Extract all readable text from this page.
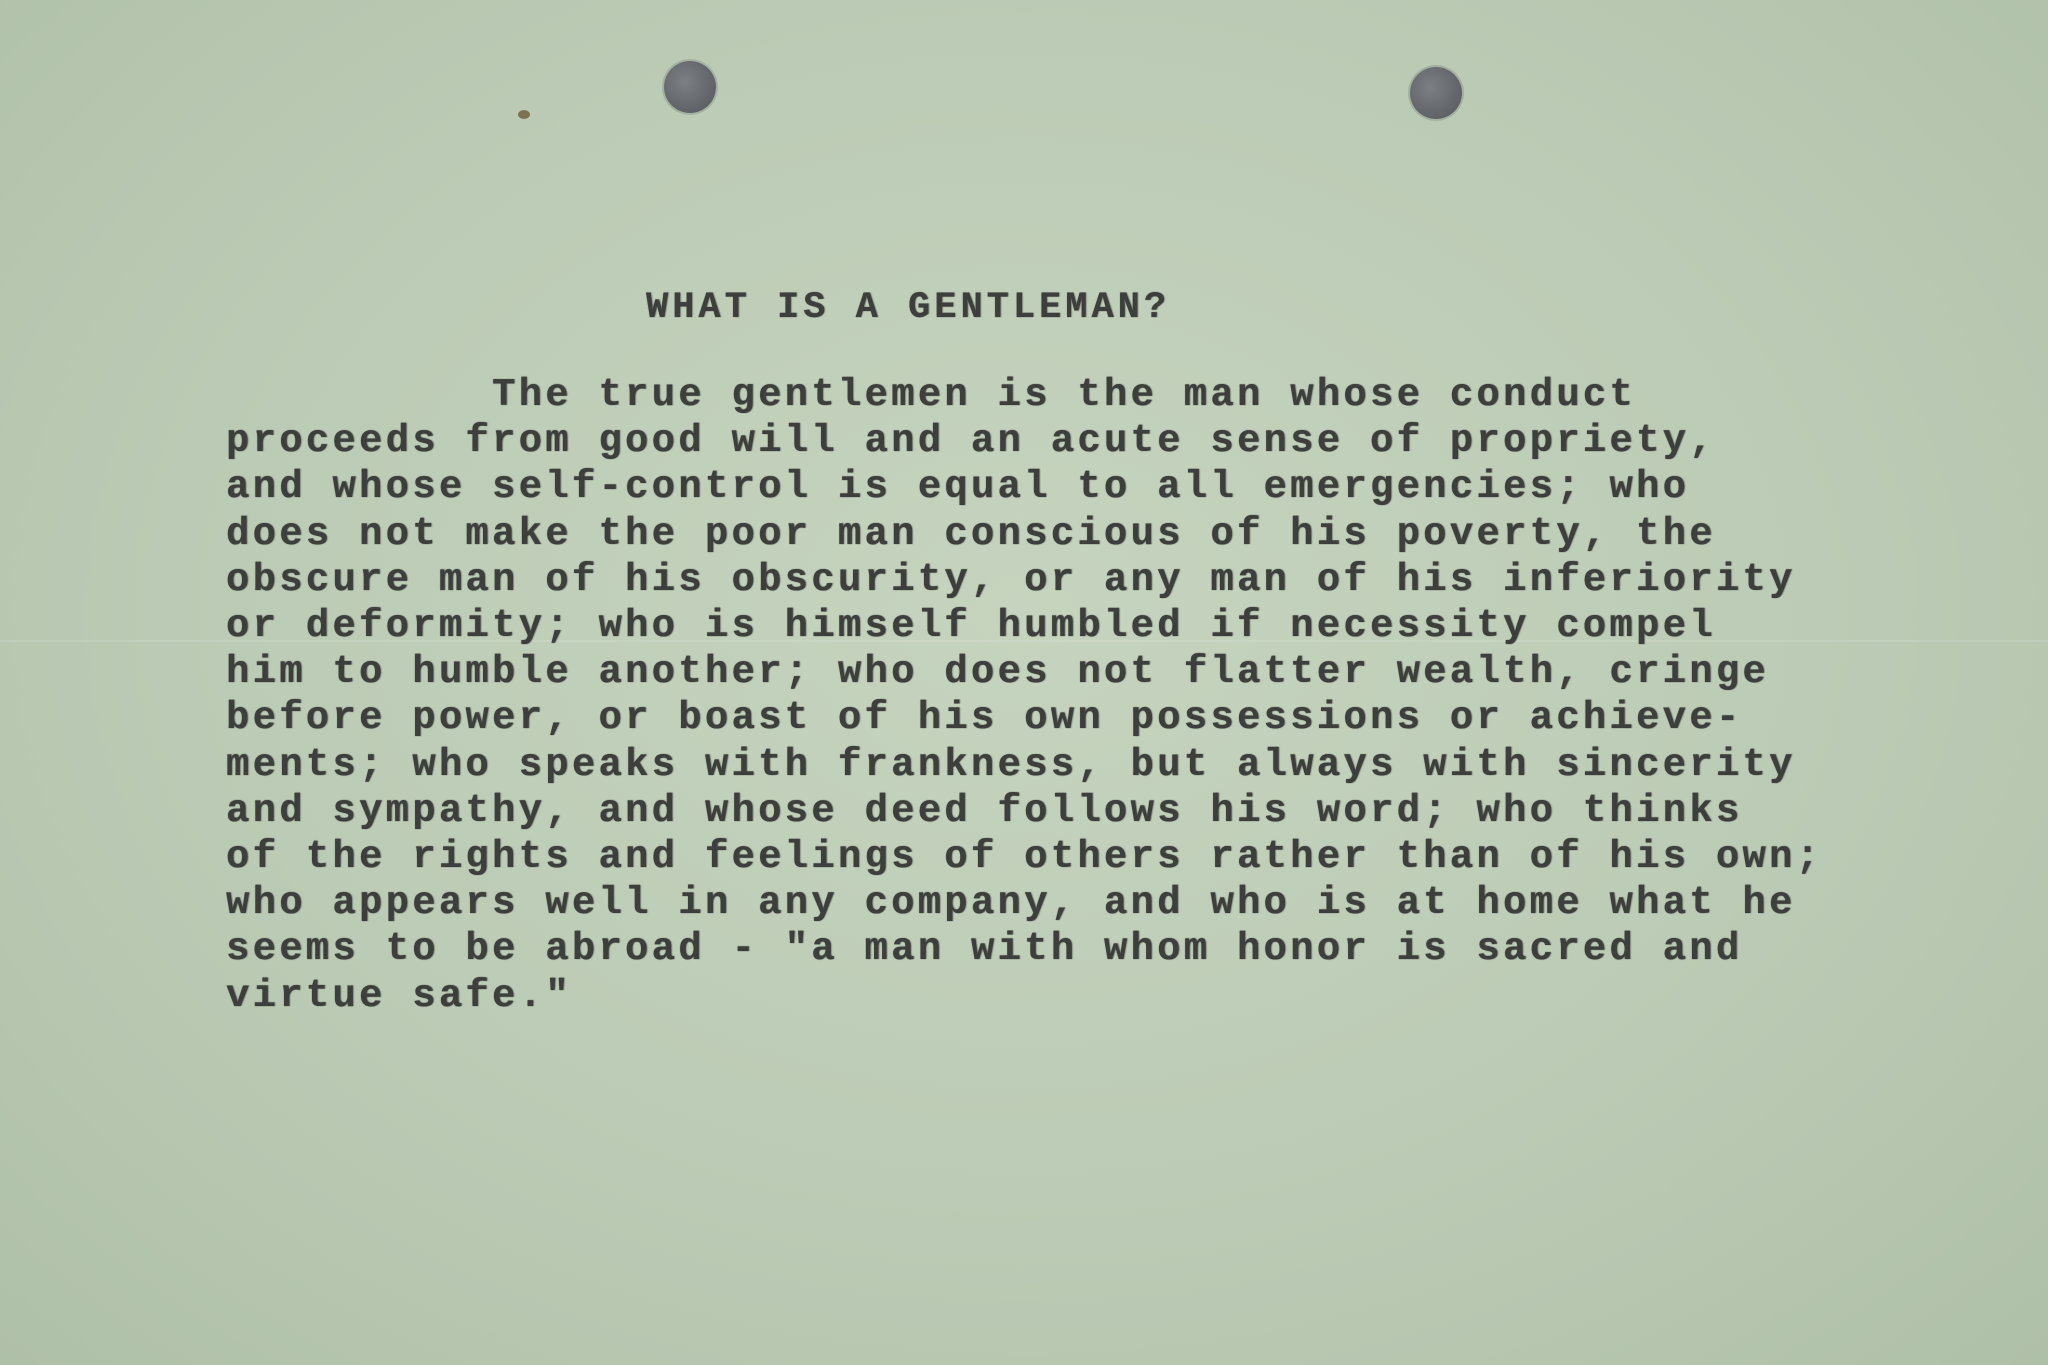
WHAT IS A GENTLEMAN?
The true gentlemen is the man whose conduct
proceeds from good will and an acute sense of propriety,
and whose self-control is equal to all emergencies; who
does not make the poor man conscious of his poverty, the
obscure man of his obscurity, or any man of his inferiority
or deformity; who is himself humbled if necessity compel
him to humble another; who does not flatter wealth, cringe
before power, or boast of his own possessions or achieve-
ments; who speaks with frankness, but always with sincerity
and sympathy, and whose deed follows his word; who thinks
of the rights and feelings of others rather than of his own;
who appears well in any company, and who is at home what he
seems to be abroad - "a man with whom honor is sacred and
virtue safe."
